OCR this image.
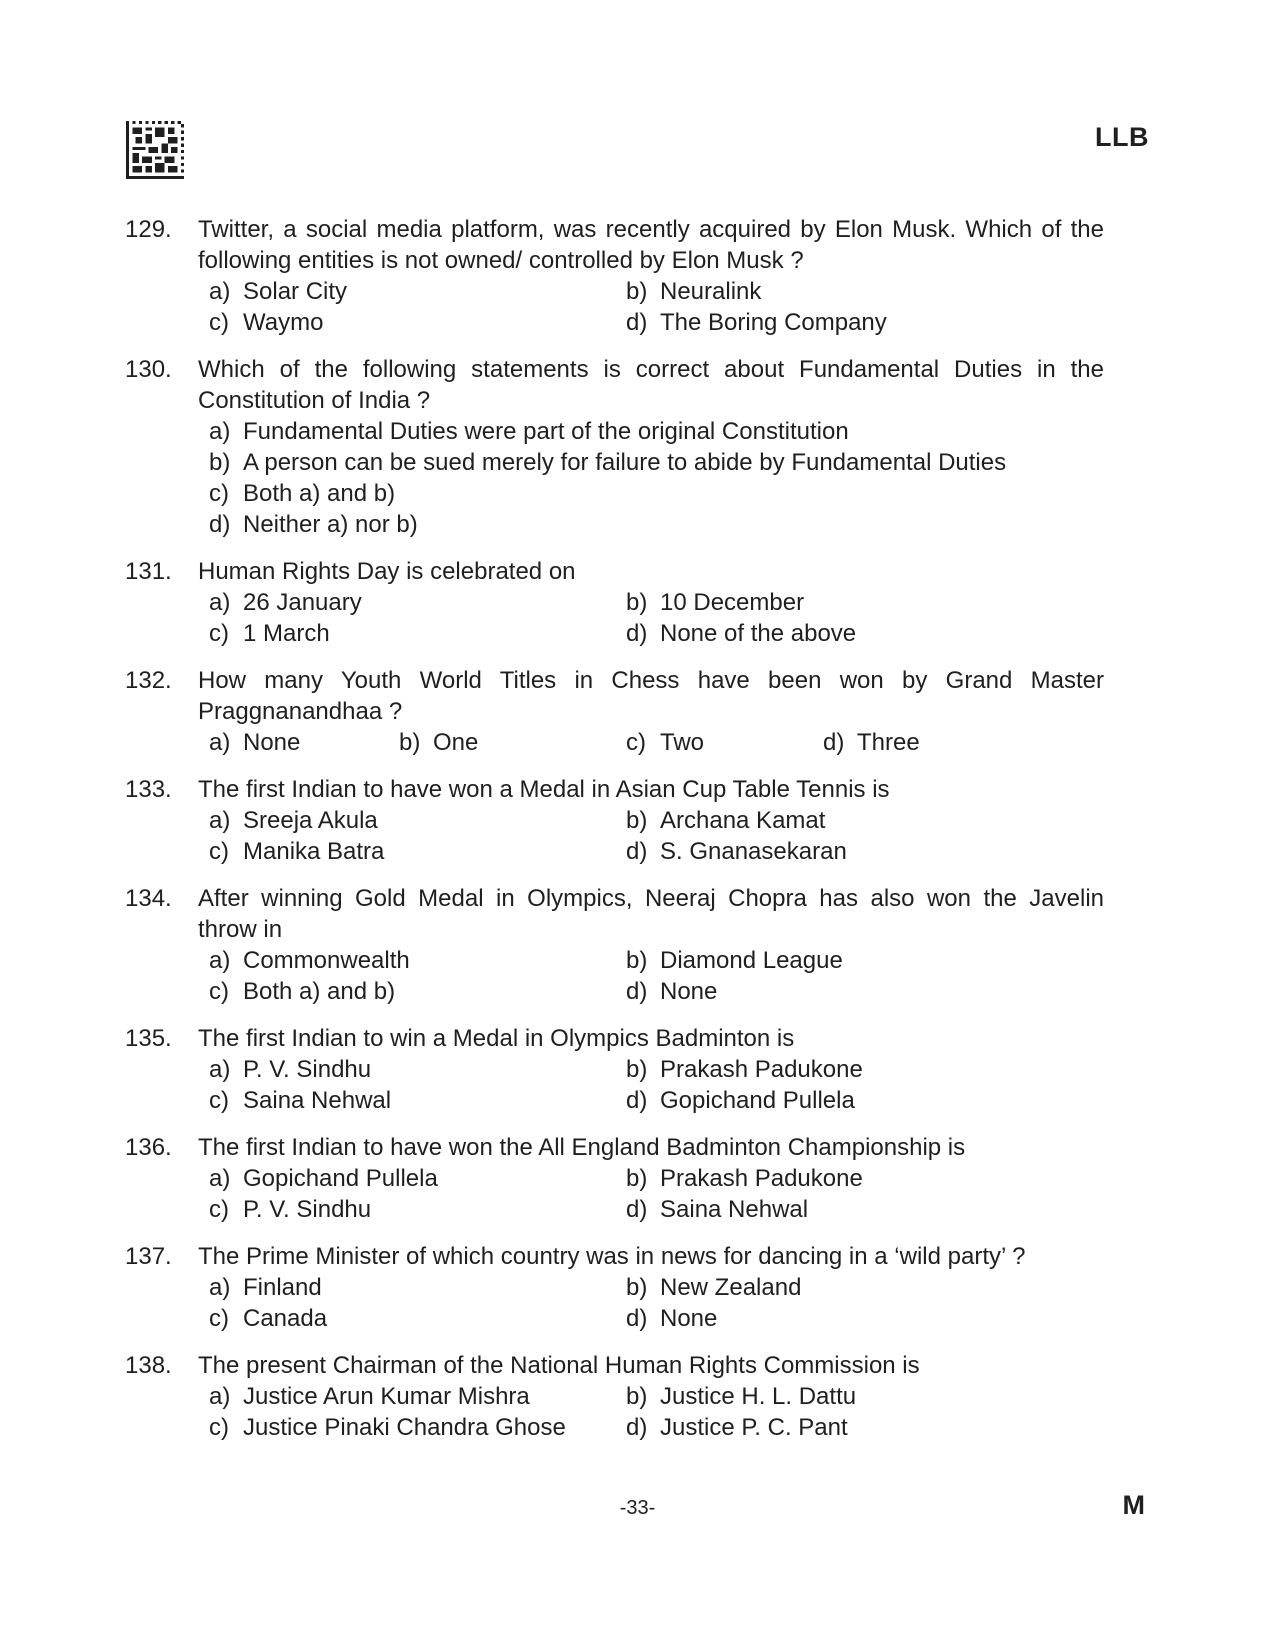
LLB
129.	Twitter, a social media platform, was recently acquired by Elon Musk. Which of the
following entities is not owned/ controlled by Elon Musk ?
a) Solar City	b) Neuralink
c) Waymo	d) The Boring Company
130.	Which of the following statements is correct about Fundamental Duties in the
Constitution of India ?
a) Fundamental Duties were part of the original Constitution
b) A person can be sued merely for failure to abide by Fundamental Duties
c) Both a) and b)
d) Neither a) nor b)
131.	Human Rights Day is celebrated on
a) 26 January	b) 10 December
c) 1 March	d) None of the above
132.	How many Youth World Titles in Chess have been won by Grand Master
Praggnanandhaa ?
a) None	b) One	c) Two	d) Three
133.	The first Indian to have won a Medal in Asian Cup Table Tennis is
a) Sreeja Akula	b) Archana Kamat
c) Manika Batra	d) S. Gnanasekaran
134.	After winning Gold Medal in Olympics, Neeraj Chopra has also won the Javelin
throw in
a) Commonwealth	b) Diamond League
c) Both a) and b)	d) None
135.	The first Indian to win a Medal in Olympics Badminton is
a) P. V. Sindhu	b) Prakash Padukone
c) Saina Nehwal	d) Gopichand Pullela
136.	The first Indian to have won the All England Badminton Championship is
a) Gopichand Pullela	b) Prakash Padukone
c) P. V. Sindhu	d) Saina Nehwal
137.	The Prime Minister of which country was in news for dancing in a ‘wild party’ ?
a) Finland	b) New Zealand
c) Canada	d) None
138.	The present Chairman of the National Human Rights Commission is
a) Justice Arun Kumar Mishra	b) Justice H. L. Dattu
c) Justice Pinaki Chandra Ghose	d) Justice P. C. Pant
-33-	M
